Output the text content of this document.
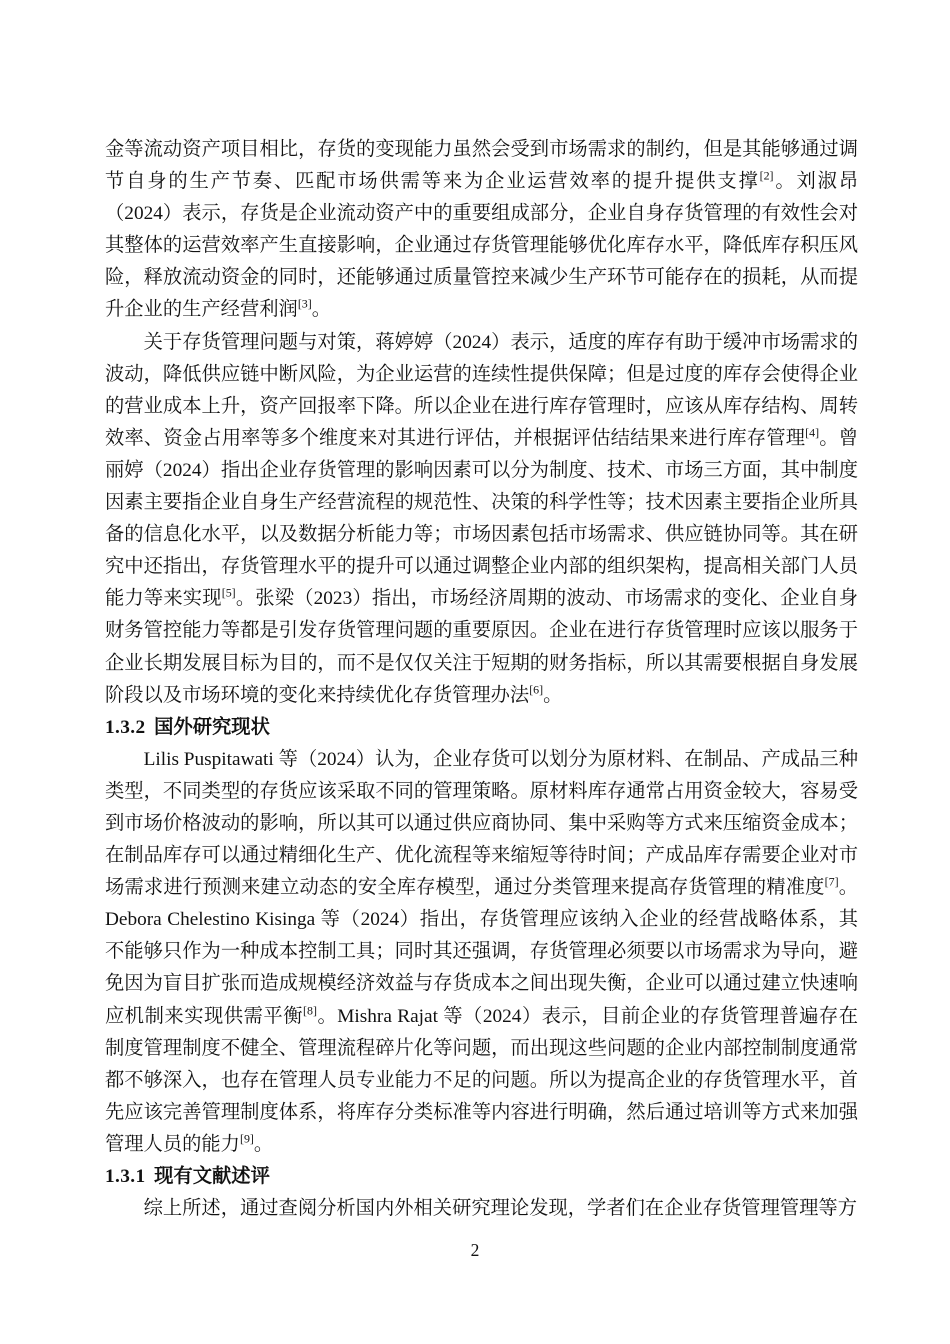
金等流动资产项目相比，存货的变现能力虽然会受到市场需求的制约，但是其能够通过调节自身的生产节奏、匹配市场供需等来为企业运营效率的提升提供支撑[2]。刘淑昂（2024）表示，存货是企业流动资产中的重要组成部分，企业自身存货管理的有效性会对其整体的运营效率产生直接影响，企业通过存货管理能够优化库存水平，降低库存积压风险，释放流动资金的同时，还能够通过质量管控来减少生产环节可能存在的损耗，从而提升企业的生产经营利润[3]。

关于存货管理问题与对策，蒋婷婷（2024）表示，适度的库存有助于缓冲市场需求的波动，降低供应链中断风险，为企业运营的连续性提供保障；但是过度的库存会使得企业的营业成本上升，资产回报率下降。所以企业在进行库存管理时，应该从库存结构、周转效率、资金占用率等多个维度来对其进行评估，并根据评估结结果来进行库存管理[4]。曾丽婷（2024）指出企业存货管理的影响因素可以分为制度、技术、市场三方面，其中制度因素主要指企业自身生产经营流程的规范性、决策的科学性等；技术因素主要指企业所具备的信息化水平，以及数据分析能力等；市场因素包括市场需求、供应链协同等。其在研究中还指出，存货管理水平的提升可以通过调整企业内部的组织架构，提高相关部门人员能力等来实现[5]。张梁（2023）指出，市场经济周期的波动、市场需求的变化、企业自身财务管控能力等都是引发存货管理问题的重要原因。企业在进行存货管理时应该以服务于企业长期发展目标为目的，而不是仅仅关注于短期的财务指标，所以其需要根据自身发展阶段以及市场环境的变化来持续优化存货管理办法[6]。

1.3.2 国外研究现状

Lilis Puspitawati 等（2024）认为，企业存货可以划分为原材料、在制品、产成品三种类型，不同类型的存货应该采取不同的管理策略。原材料库存通常占用资金较大，容易受到市场价格波动的影响，所以其可以通过供应商协同、集中采购等方式来压缩资金成本；在制品库存可以通过精细化生产、优化流程等来缩短等待时间；产成品库存需要企业对市场需求进行预测来建立动态的安全库存模型，通过分类管理来提高存货管理的精准度[7]。Debora Chelestino Kisinga 等（2024）指出，存货管理应该纳入企业的经营战略体系，其不能够只作为一种成本控制工具；同时其还强调，存货管理必须要以市场需求为导向，避免因为盲目扩张而造成规模经济效益与存货成本之间出现失衡，企业可以通过建立快速响应机制来实现供需平衡[8]。Mishra Rajat 等（2024）表示，目前企业的存货管理普遍存在制度管理制度不健全、管理流程碎片化等问题，而出现这些问题的企业内部控制制度通常都不够深入，也存在管理人员专业能力不足的问题。所以为提高企业的存货管理水平，首先应该完善管理制度体系，将库存分类标准等内容进行明确，然后通过培训等方式来加强管理人员的能力[9]。

1.3.1 现有文献述评

综上所述，通过查阅分析国内外相关研究理论发现，学者们在企业存货管理管理等方

2
